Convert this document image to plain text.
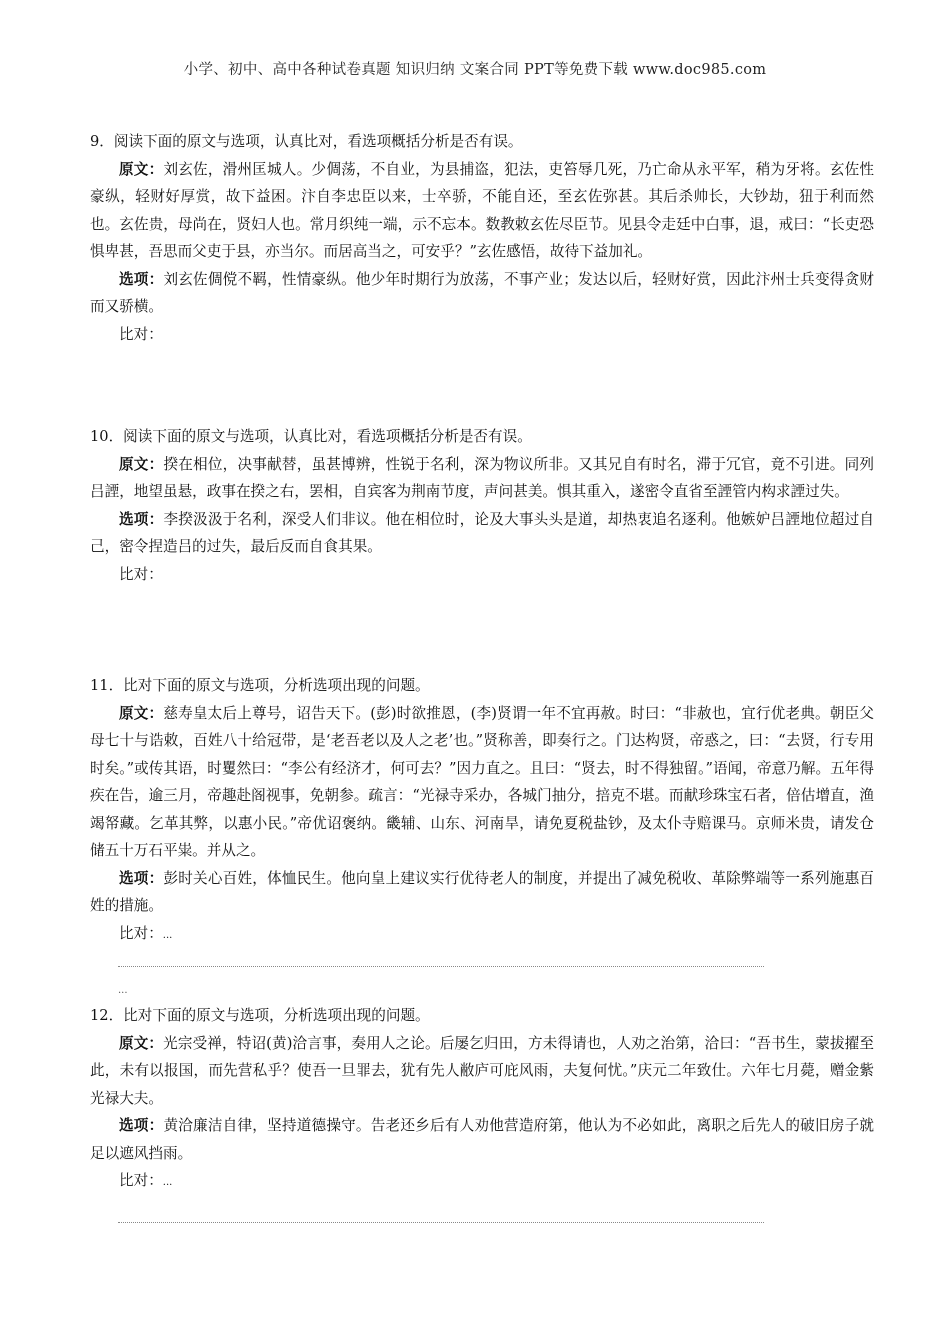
小学、初中、高中各种试卷真题 知识归纳 文案合同 PPT等免费下载 www.doc985.com

9．阅读下面的原文与选项，认真比对，看选项概括分析是否有误。

原文：刘玄佐，滑州匡城人。少倜荡，不自业，为县捕盗，犯法，吏笞辱几死，乃亡命从永平军，稍为牙将。玄佐性豪纵，轻财好厚赏，故下益困。汴自李忠臣以来，士卒骄，不能自还，至玄佐弥甚。其后杀帅长，大钞劫，狃于利而然也。玄佐贵，母尚在，贤妇人也。常月织纯一端，示不忘本。数教敕玄佐尽臣节。见县令走廷中白事，退，戒曰：“长吏恐惧卑甚，吾思而父吏于县，亦当尔。而居高当之，可安乎？”玄佐感悟，故待下益加礼。

选项：刘玄佐倜傥不羁，性情豪纵。他少年时期行为放荡，不事产业；发达以后，轻财好赏，因此汴州士兵变得贪财而又骄横。

比对：

10．阅读下面的原文与选项，认真比对，看选项概括分析是否有误。

原文：揆在相位，决事献替，虽甚博辨，性锐于名利，深为物议所非。又其兄自有时名，滞于冗官，竟不引进。同列吕諲，地望虽悬，政事在揆之右，罢相，自宾客为荆南节度，声问甚美。惧其重入，遂密令直省至諲管内构求諲过失。

选项：李揆汲汲于名利，深受人们非议。他在相位时，论及大事头头是道，却热衷追名逐利。他嫉妒吕諲地位超过自己，密令捏造吕的过失，最后反而自食其果。

比对：

11．比对下面的原文与选项，分析选项出现的问题。

原文：慈寿皇太后上尊号，诏告天下。(彭)时欲推恩，(李)贤谓一年不宜再赦。时曰：“非赦也，宜行优老典。朝臣父母七十与诰敕，百姓八十给冠带，是‘老吾老以及人之老’也。”贤称善，即奏行之。门达构贤，帝惑之，曰：“去贤，行专用时矣。”或传其语，时矍然曰：“李公有经济才，何可去？”因力直之。且曰：“贤去，时不得独留。”语闻，帝意乃解。五年得疾在告，逾三月，帝趣赴阁视事，免朝参。疏言：“光禄寺采办，各城门抽分，掊克不堪。而献珍珠宝石者，倍估增直，渔竭帑藏。乞革其弊，以惠小民。”帝优诏褒纳。畿辅、山东、河南旱，请免夏税盐钞，及太仆寺赔课马。京师米贵，请发仓储五十万石平粜。并从之。

选项：彭时关心百姓，体恤民生。他向皇上建议实行优待老人的制度，并提出了减免税收、革除弊端等一系列施惠百姓的措施。

比对：...

...

12．比对下面的原文与选项，分析选项出现的问题。

原文：光宗受禅，特诏(黄)洽言事，奏用人之论。后屡乞归田，方未得请也，人劝之治第，洽曰：“吾书生，蒙拔擢至此，未有以报国，而先营私乎？使吾一旦罪去，犹有先人敝庐可庇风雨，夫复何忧。”庆元二年致仕。六年七月薨，赠金紫光禄大夫。

选项：黄洽廉洁自律，坚持道德操守。告老还乡后有人劝他营造府第，他认为不必如此，离职之后先人的破旧房子就足以遮风挡雨。

比对：...
